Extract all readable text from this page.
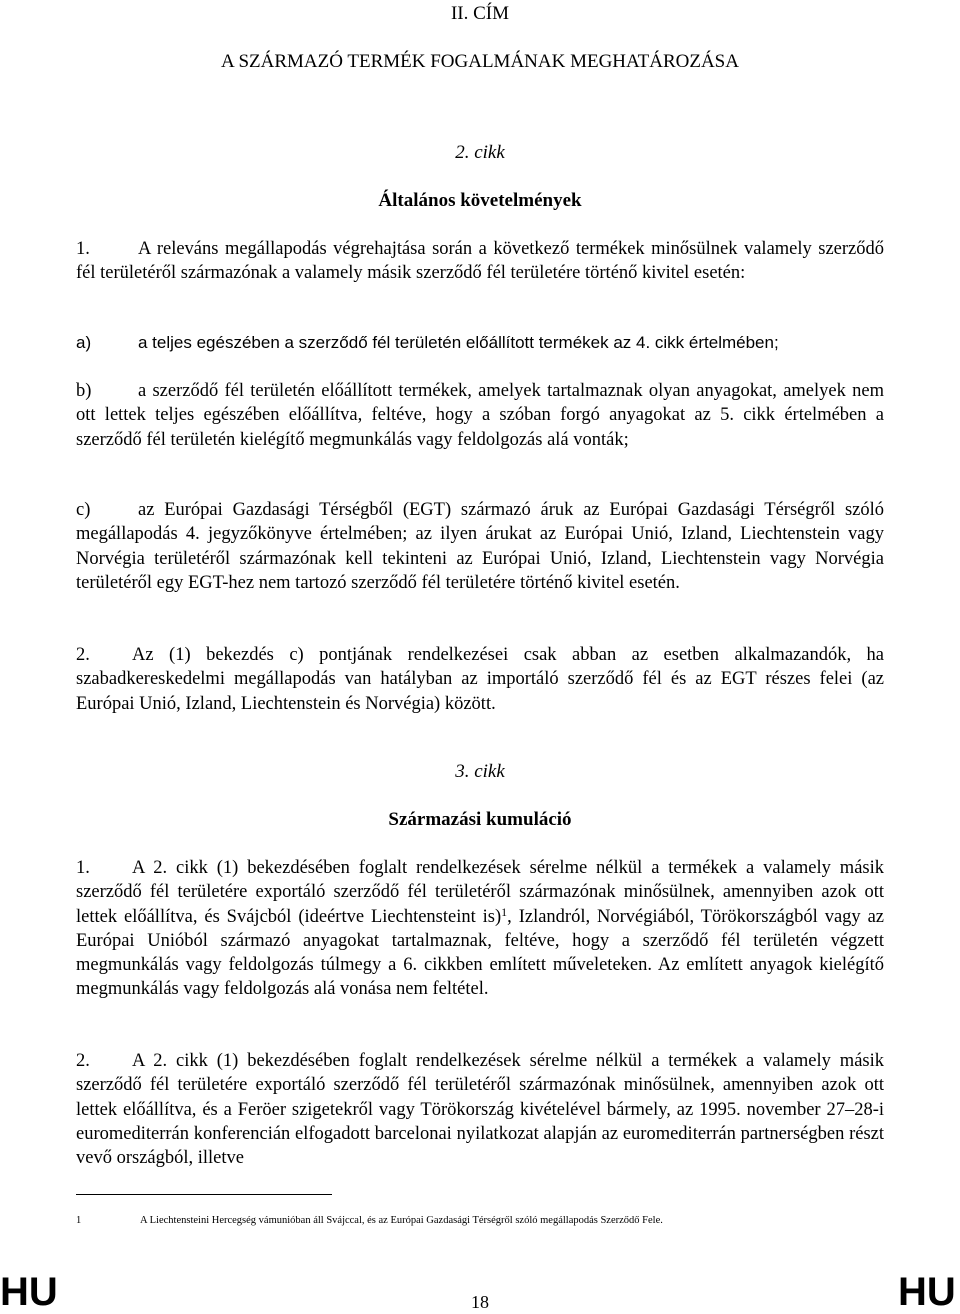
II. CÍM
A SZÁRMAZÓ TERMÉK FOGALMÁNAK MEGHATÁROZÁSA
2. cikk
Általános követelmények
1.	A releváns megállapodás végrehajtása során a következő termékek minősülnek valamely szerződő fél területéről származónak a valamely másik szerződő fél területére történő kivitel esetén:
a)	a teljes egészében a szerződő fél területén előállított termékek az 4. cikk értelmében;
b)	a szerződő fél területén előállított termékek, amelyek tartalmaznak olyan anyagokat, amelyek nem ott lettek teljes egészében előállítva, feltéve, hogy a szóban forgó anyagokat az 5. cikk értelmében a szerződő fél területén kielégítő megmunkálás vagy feldolgozás alá vonták;
c)	az Európai Gazdasági Térségből (EGT) származó áruk az Európai Gazdasági Térségről szóló megállapodás 4. jegyzőkönyve értelmében; az ilyen árukat az Európai Unió, Izland, Liechtenstein vagy Norvégia területéről származónak kell tekinteni az Európai Unió, Izland, Liechtenstein vagy Norvégia területéről egy EGT-hez nem tartozó szerződő fél területére történő kivitel esetén.
2. Az (1) bekezdés c) pontjának rendelkezései csak abban az esetben alkalmazandók, ha szabadkereskedelmi megállapodás van hatályban az importáló szerződő fél és az EGT részes felei (az Európai Unió, Izland, Liechtenstein és Norvégia) között.
3. cikk
Származási kumuláció
1. A 2. cikk (1) bekezdésében foglalt rendelkezések sérelme nélkül a termékek a valamely másik szerződő fél területére exportáló szerződő fél területéről származónak minősülnek, amennyiben azok ott lettek előállítva, és Svájcból (ideértve Liechtensteint is)$^1$, Izlandról, Norvégiából, Törökországból vagy az Európai Unióból származó anyagokat tartalmaznak, feltéve, hogy a szerződő fél területén végzett megmunkálás vagy feldolgozás túlmegy a 6. cikkben említett műveleteken. Az említett anyagok kielégítő megmunkálás vagy feldolgozás alá vonása nem feltétel.
2. A 2. cikk (1) bekezdésében foglalt rendelkezések sérelme nélkül a termékek a valamely másik szerződő fél területére exportáló szerződő fél területéről származónak minősülnek, amennyiben azok ott lettek előállítva, és a Feröer szigetekről vagy Törökország kivételével bármely, az 1995. november 27–28-i euromediterrán konferencián elfogadott barcelonai nyilatkozat alapján az euromediterrán partnerségben részt vevő országból, illetve
1	A Liechtensteini Hercegség vámunióban áll Svájccal, és az Európai Gazdasági Térségről szóló megállapodás Szerződő Fele.
HU	18	HU
